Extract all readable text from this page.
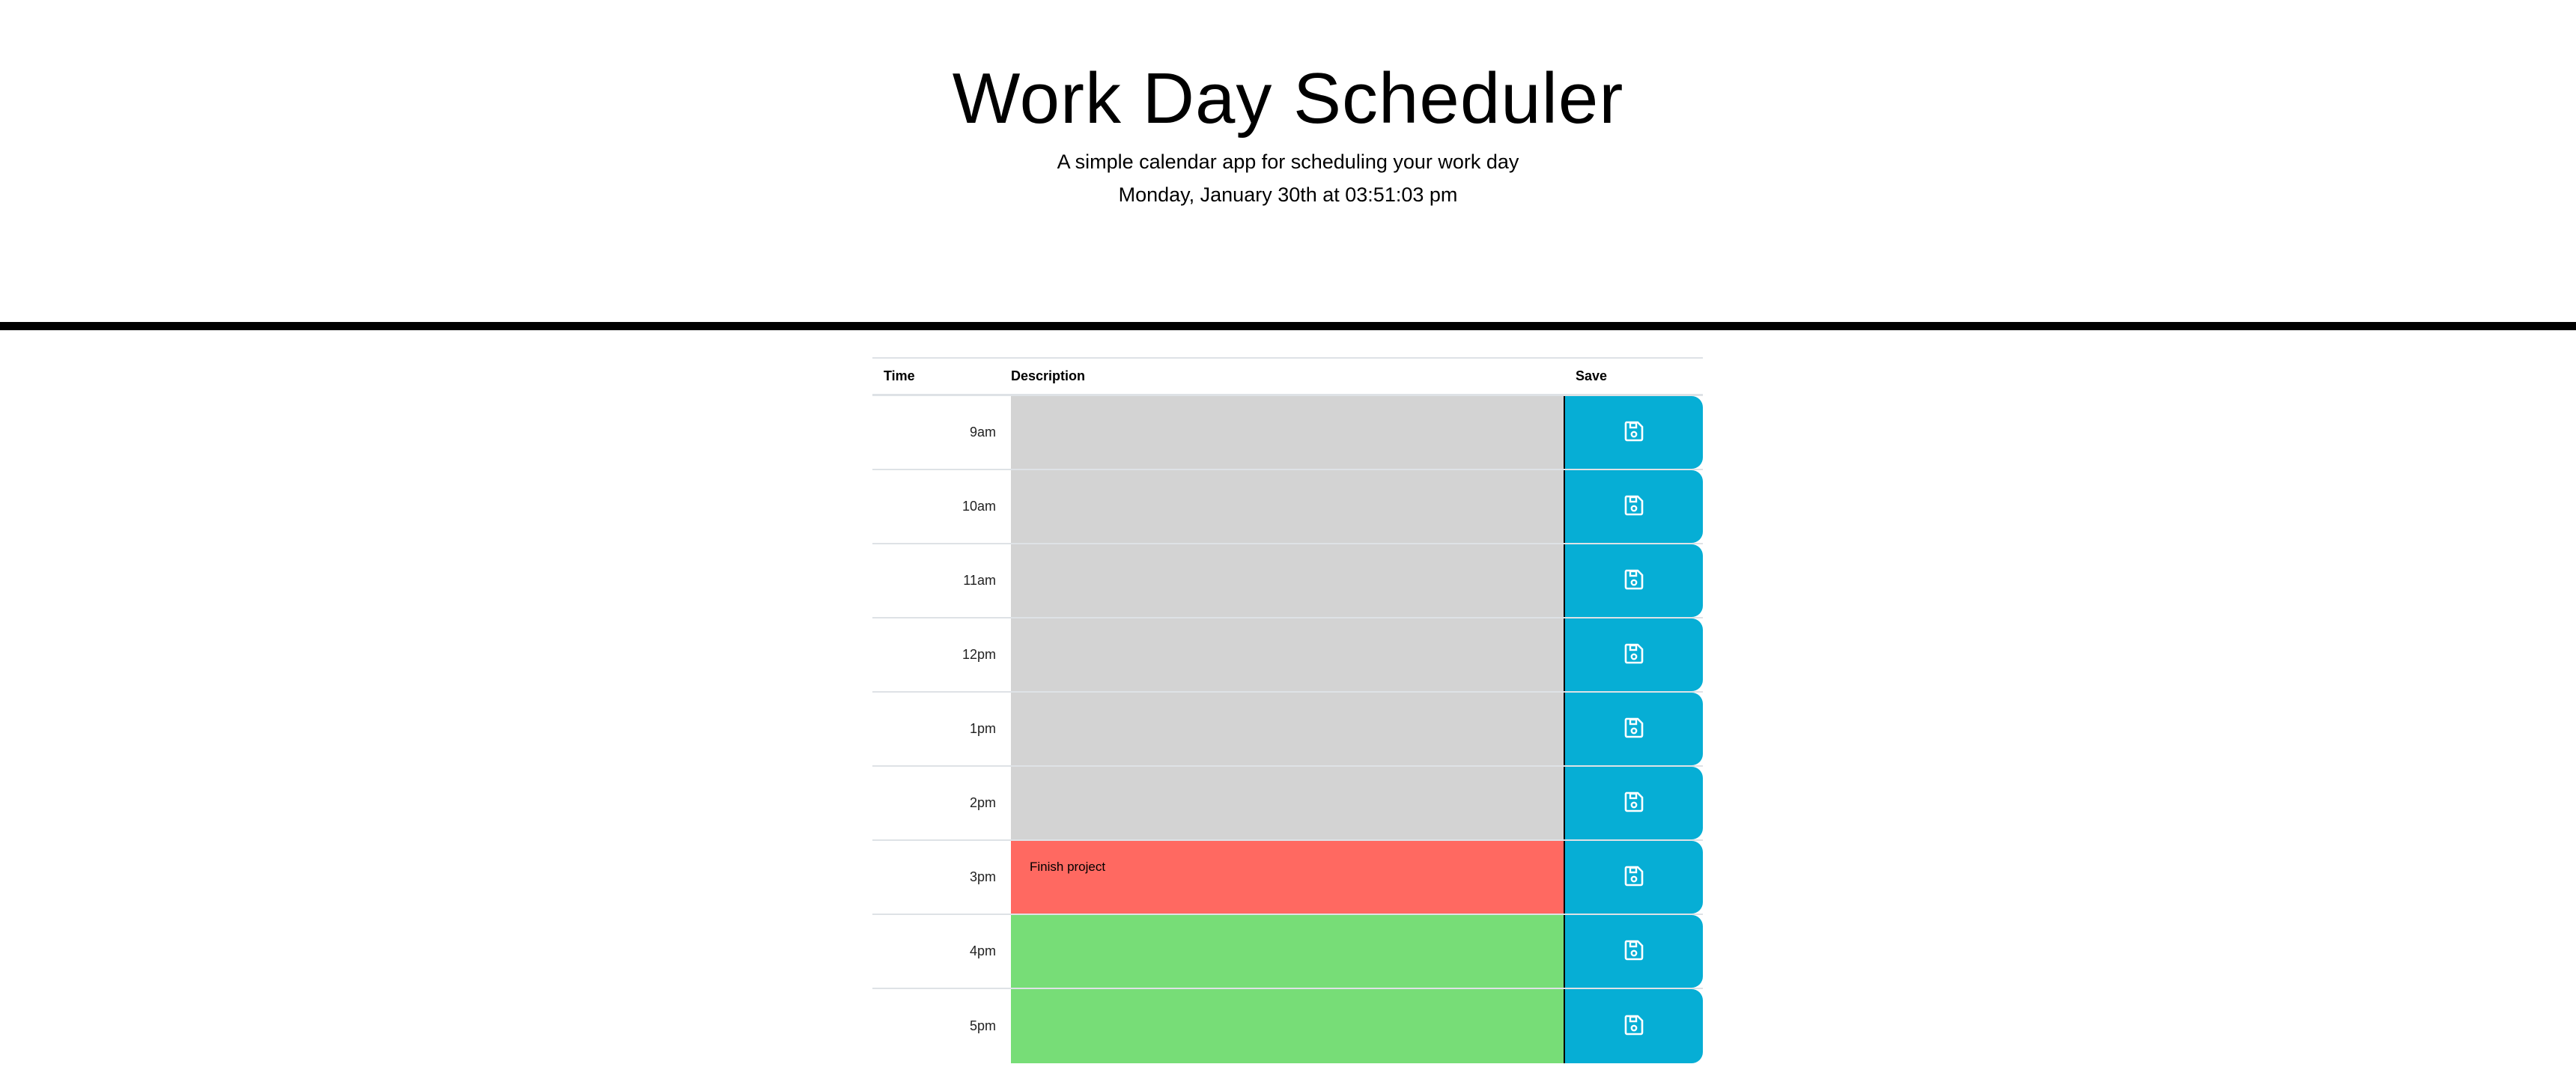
Work Day Scheduler
A simple calendar app for scheduling your work day
Monday, January 30th at 03:51:03 pm
Time	Description	Save
9am
10am
11am
12pm
1pm
2pm
3pm
Finish project
4pm
5pm
